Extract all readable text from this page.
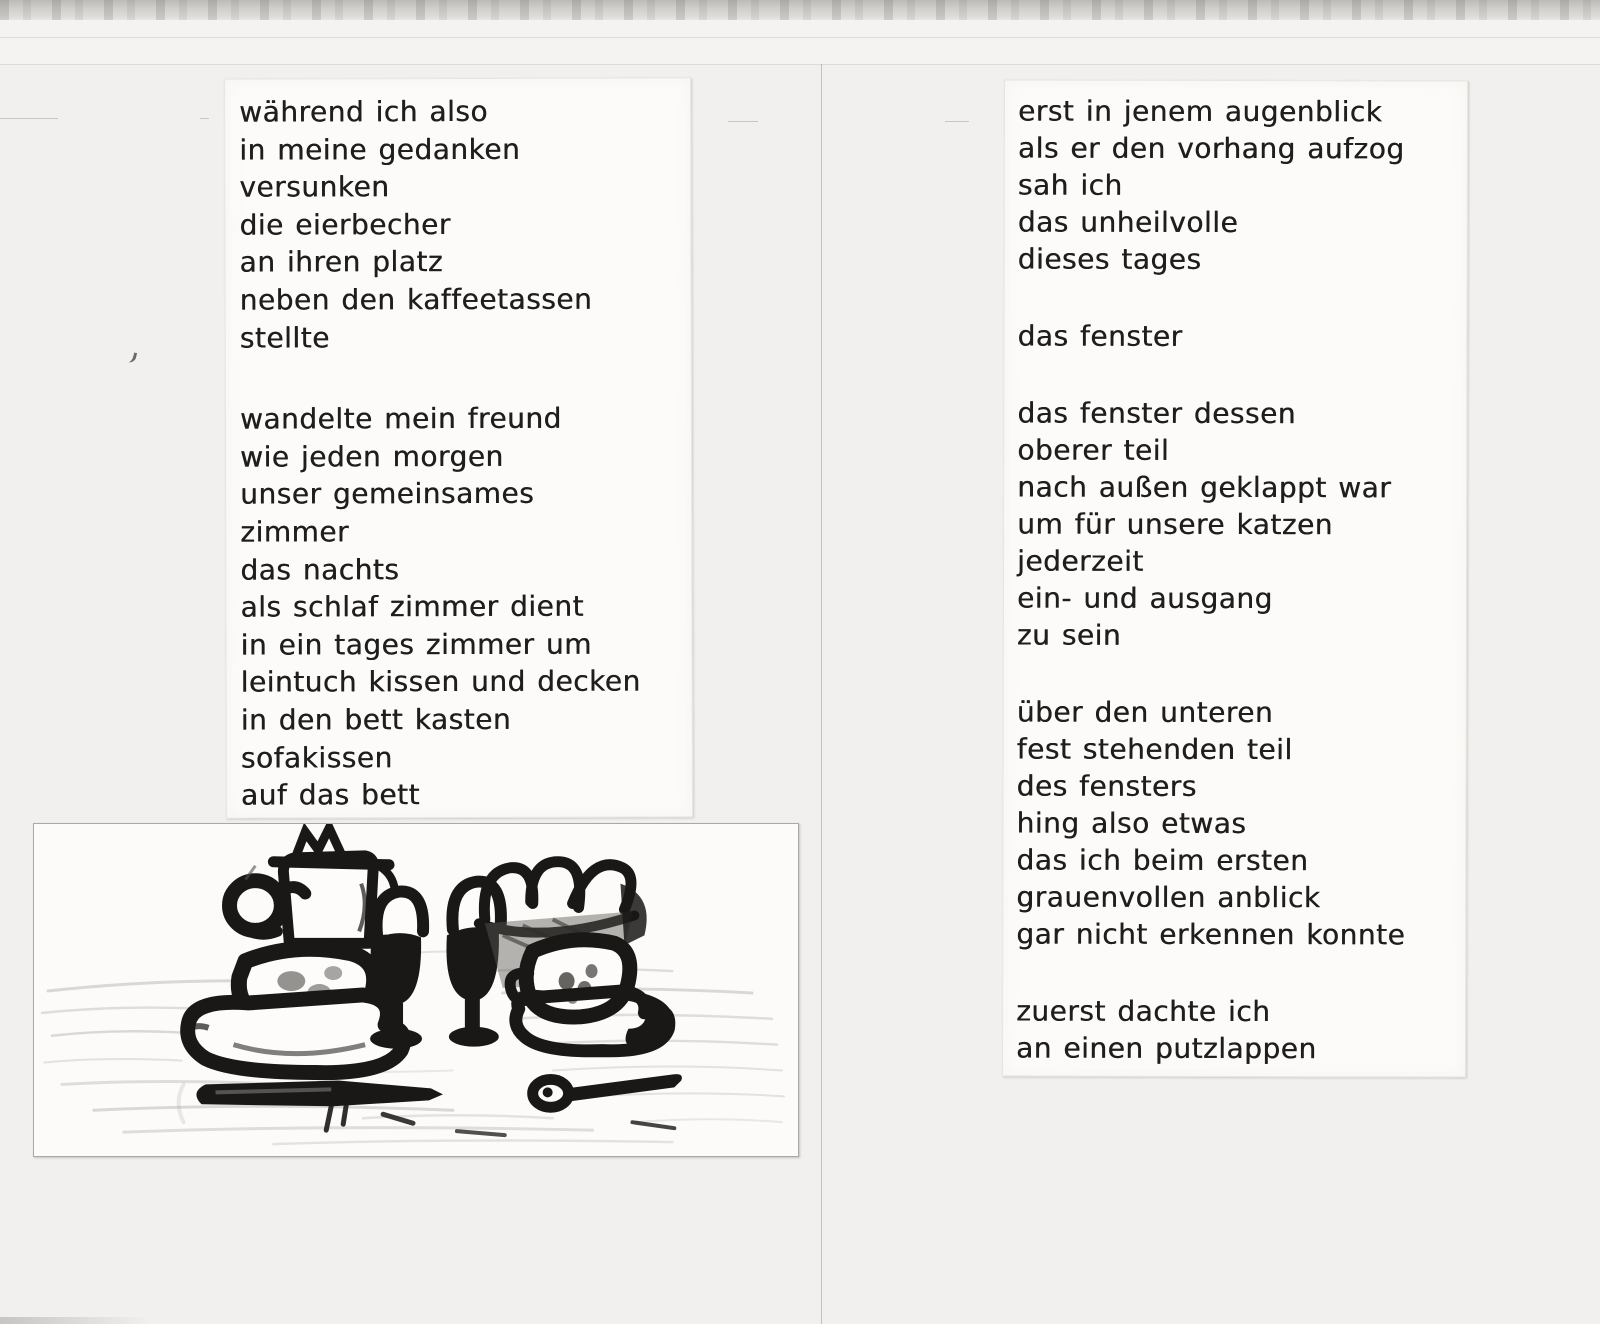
während ich also
in meine gedanken
versunken
die eierbecher
an ihren platz
neben den kaffeetassen
stellte
wandelte mein freund
wie jeden morgen
unser gemeinsames
zimmer
das nachts
als schlaf zimmer dient
in ein tages zimmer um
leintuch kissen und decken
in den bett kasten
sofakissen
auf das bett
erst in jenem augenblick
als er den vorhang aufzog
sah ich
das unheilvolle
dieses tages
das fenster
das fenster dessen
oberer teil
nach außen geklappt war
um für unsere katzen
jederzeit
ein- und ausgang
zu sein
über den unteren
fest stehenden teil
des fensters
hing also etwas
das ich beim ersten
grauenvollen anblick
gar nicht erkennen konnte
zuerst dachte ich
an einen putzlappen
